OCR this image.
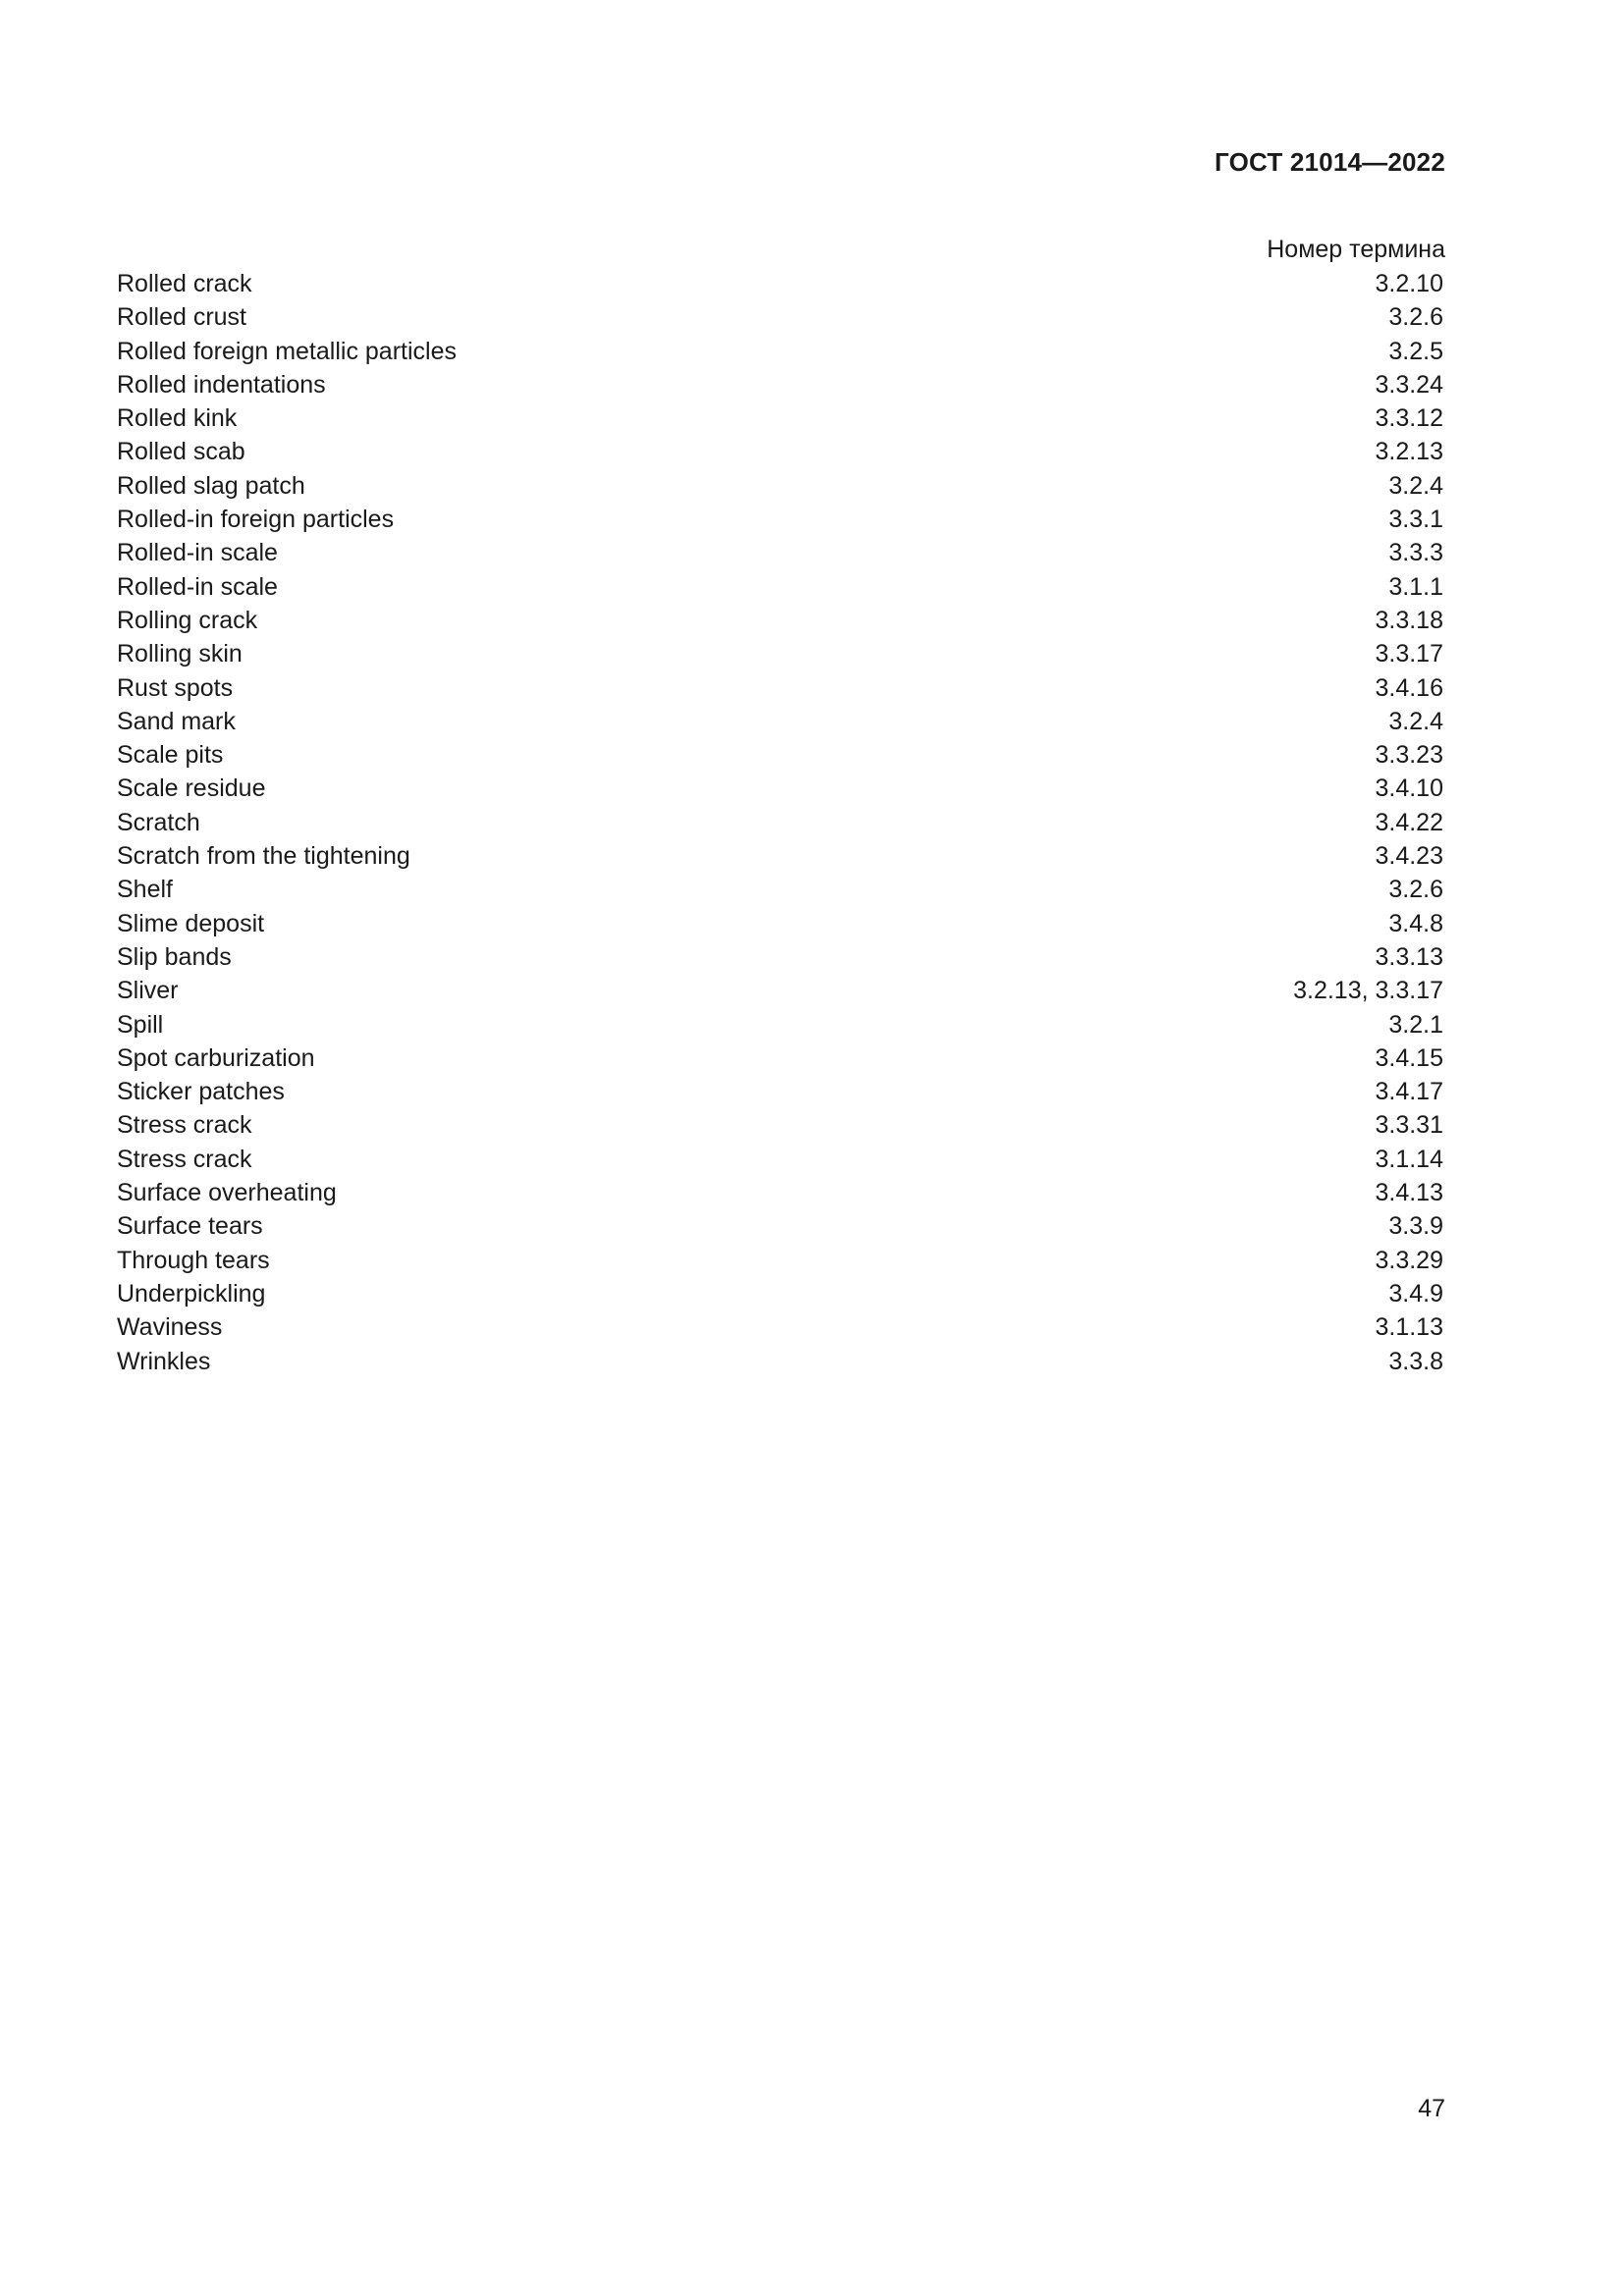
ГОСТ 21014—2022
Номер термина
Rolled crack	3.2.10
Rolled crust	3.2.6
Rolled foreign metallic particles	3.2.5
Rolled indentations	3.3.24
Rolled kink	3.3.12
Rolled scab	3.2.13
Rolled slag patch	3.2.4
Rolled-in foreign particles	3.3.1
Rolled-in scale	3.3.3
Rolled-in scale	3.1.1
Rolling crack	3.3.18
Rolling skin	3.3.17
Rust spots	3.4.16
Sand mark	3.2.4
Scale pits	3.3.23
Scale residue	3.4.10
Scratch	3.4.22
Scratch from the tightening	3.4.23
Shelf	3.2.6
Slime deposit	3.4.8
Slip bands	3.3.13
Sliver	3.2.13, 3.3.17
Spill	3.2.1
Spot carburization	3.4.15
Sticker patches	3.4.17
Stress crack	3.3.31
Stress crack	3.1.14
Surface overheating	3.4.13
Surface tears	3.3.9
Through tears	3.3.29
Underpickling	3.4.9
Waviness	3.1.13
Wrinkles	3.3.8
47
